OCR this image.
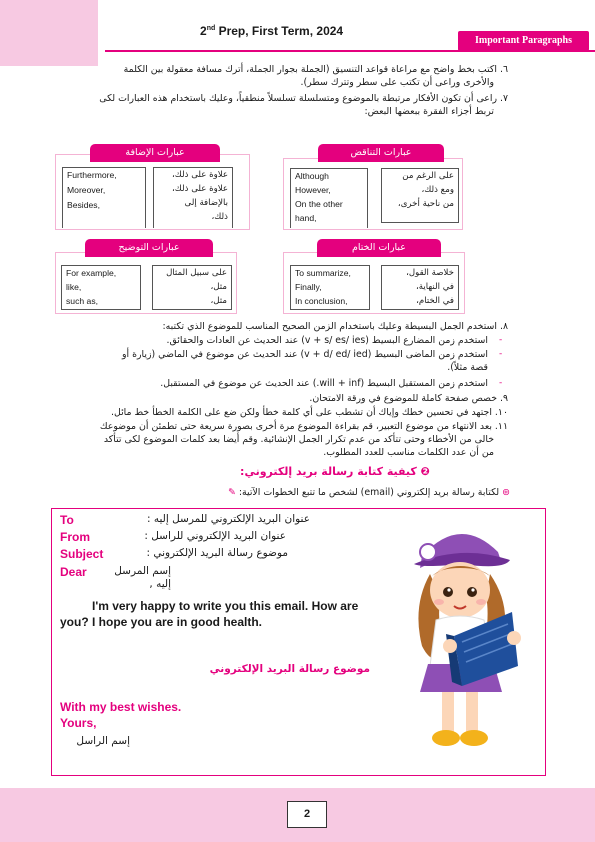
2nd Prep, First Term, 2024
Important Paragraphs
٦. اكتب بخط واضح مع مراعاة قواعد التنسيق (الجملة بجوار الجملة، أترك مسافة معقولة بين الكلمة
والأخرى وراعى أن تكتب على سطر وتترك سطر).
٧. راعى أن تكون الأفكار مرتبطة بالموضوع ومتسلسلة تسلسلاً منطقياً، وعليك باستخدام هذه العبارات لكى
تربط أجزاء الفقرة ببعضها البعض:
عبارات الإضافة
Furthermore,
Moreover,
Besides,
علاوة على ذلك،
علاوة على ذلك،
بالإضافة إلى
ذلك،
عبارات التناقض
Although
However,
On the other
hand,
على الرغم من
ومع ذلك،
من ناحية أخرى،
عبارات التوضيح
For example,
like,
such as,
على سبيل المثال
مثل،
مثل،
عبارات الختام
To summarize,
Finally,
In conclusion,
خلاصة القول،
في النهاية،
في الختام،
٨. استخدم الجمل البسيطة وعليك باستخدام الزمن الصحيح المناسب للموضوع الذي تكتبه:
-
استخدم زمن المضارع البسيط (v + s/ es/ ies) عند الحديث عن العادات والحقائق.
-
استخدم زمن الماضى البسيط (v + d/ ed/ ied) عند الحديث عن موضوع في الماضي (زيارة أو
قصة مثلاً).
-
استخدم زمن المستقبل البسيط (will + inf.) عند الحديث عن موضوع في المستقبل.
٩. خصص صفحة كاملة للموضوع في ورقة الامتحان.
١٠. اجتهد في تحسين خطك وإياك أن تشطب على أي كلمة خطأ ولكن ضع على الكلمة الخطأ خط مائل.
١١. بعد الانتهاء من موضوع التعبير، قم بقراءة الموضوع مرة أخرى بصورة سريعة حتى تطمئن أن موضوعك
خالى من الأخطاء وحتى تتأكد من عدم تكرار الجمل الإنشائية. وقم أيضا بعد كلمات الموضوع لكى تتأكد
من أن عدد الكلمات مناسب للعدد المطلوب.
❷ كيفية كتابة رسالة بريد إلكتروني:
⊛ لكتابة رسالة بريد إلكتروني (email) لشخص ما تتبع الخطوات الآتية: ✎
To	عنوان البريد الإلكتروني للمرسل إليه :
From	عنوان البريد الإلكتروني للراسل :
Subject	موضوع رسالة البريد الإلكتروني :
Dear	إسم المرسل إليه ,
I'm very happy to write you this email. How are you? I hope you are in good health.
موضوع رسالة البريد الإلكتروني
With my best wishes.
Yours,
إسم الراسل
2
